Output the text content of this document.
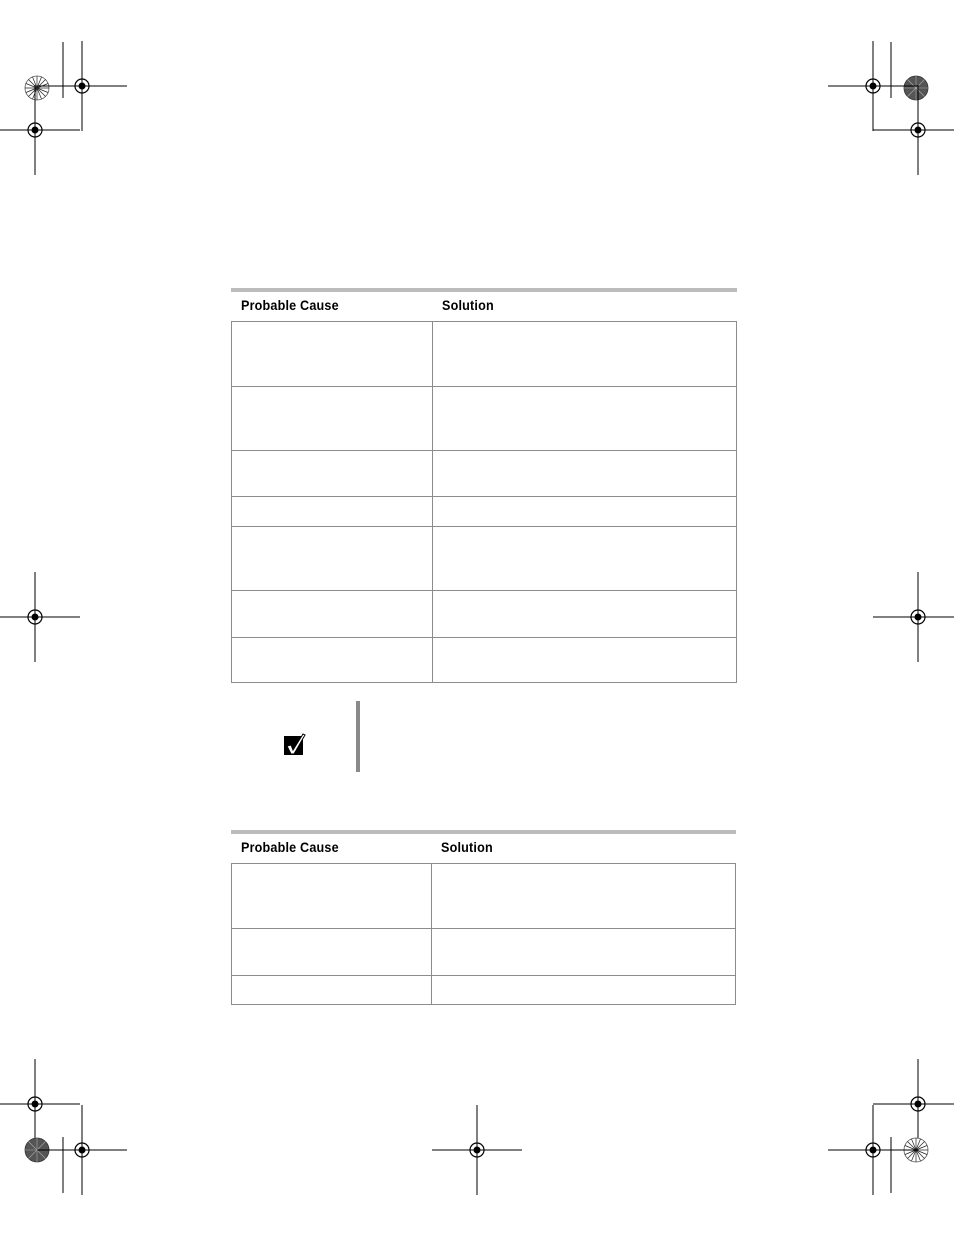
Probable Cause	Solution
Probable Cause	Solution
